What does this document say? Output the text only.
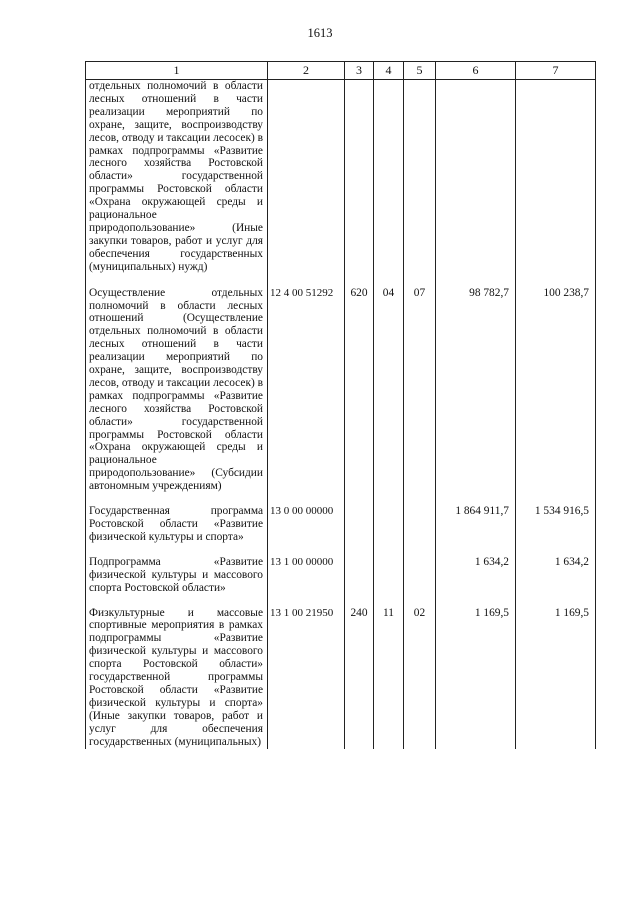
1613
1	2	3	4	5	6	7
отдельных полномочий в области лесных отношений в части реализации мероприятий по охране, защите, воспроизводству лесов, отводу и таксации лесосек) в рамках подпрограммы «Развитие лесного хозяйства Ростовской области» государственной программы Ростовской области «Охрана окружающей среды и рациональное природопользование» (Иные закупки товаров, работ и услуг для обеспечения государственных (муниципальных) нужд)						
Осуществление отдельных полномочий в области лесных отношений (Осуществление отдельных полномочий в области лесных отношений в части реализации мероприятий по охране, защите, воспроизводству лесов, отводу и таксации лесосек) в рамках подпрограммы «Развитие лесного хозяйства Ростовской области» государственной программы Ростовской области «Охрана окружающей среды и рациональное природопользование» (Субсидии автономным учреждениям)	12 4 00 51292	620	04	07	98 782,7	100 238,7
Государственная программа Ростовской области «Развитие физической культуры и спорта»	13 0 00 00000				1 864 911,7	1 534 916,5
Подпрограмма «Развитие физической культуры и массового спорта Ростовской области»	13 1 00 00000				1 634,2	1 634,2
Физкультурные и массовые спортивные мероприятия в рамках подпрограммы «Развитие физической культуры и массового спорта Ростовской области» государственной программы Ростовской области «Развитие физической культуры и спорта» (Иные закупки товаров, работ и услуг для обеспечения государственных (муниципальных)	13 1 00 21950	240	11	02	1 169,5	1 169,5
